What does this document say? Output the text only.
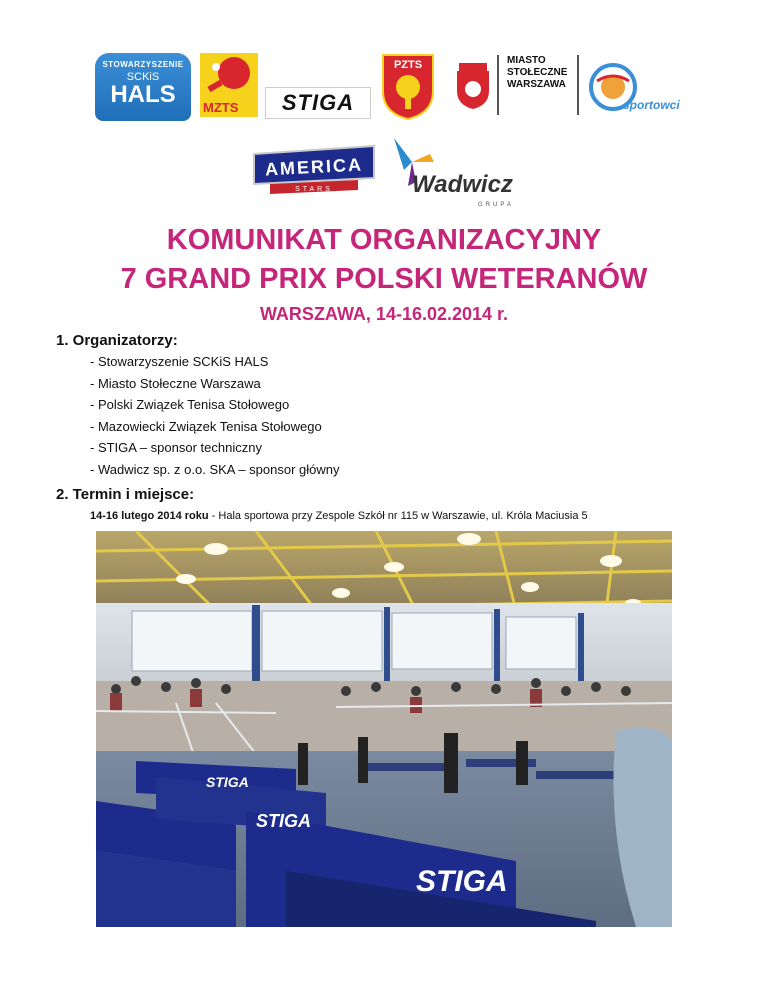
STOWARZYSZENIE
SCKiS
HALS	MZTS	STIGA
PZTS	MIASTO
STOŁECZNE
WARSZAWA
sportowci
AMERICA
STARS	Wadwicz
GRUPA
KOMUNIKAT ORGANIZACYJNY
7 GRAND PRIX POLSKI WETERANÓW
WARSZAWA, 14-16.02.2014 r.
1. Organizatorzy:
- Stowarzyszenie SCKiS HALS
- Miasto Stołeczne Warszawa
- Polski Związek Tenisa Stołowego
- Mazowiecki Związek Tenisa Stołowego
- STIGA – sponsor techniczny
- Wadwicz sp. z o.o. SKA – sponsor główny
2. Termin i miejsce:
14-16 lutego 2014 roku - Hala sportowa przy Zespole Szkół nr 115 w Warszawie, ul. Króla Maciusia 5
STIGA
STIGA
STIGA
